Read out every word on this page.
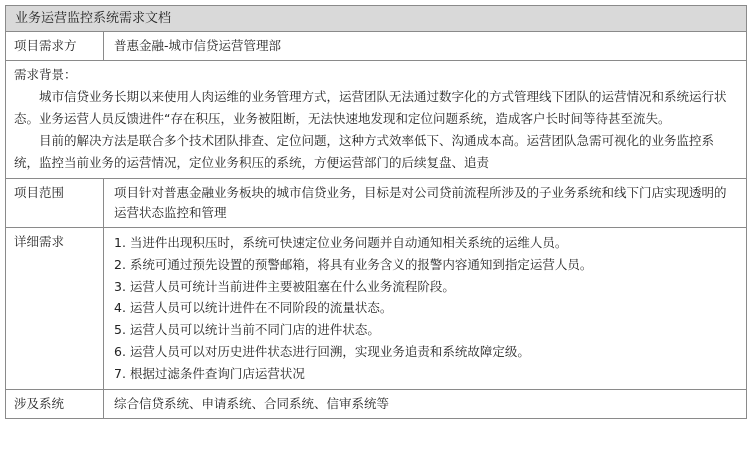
业务运营监控系统需求文档
项目需求方	普惠金融-城市信贷运营管理部
需求背景：
城市信贷业务长期以来使用人肉运维的业务管理方式，运营团队无法通过数字化的方式管理线下团队的运营情况和系统运行状态。业务运营人员反馈进件“存在积压，业务被阻断，无法快速地发现和定位问题系统，造成客户长时间等待甚至流失。
目前的解决方法是联合多个技术团队排查、定位问题，这种方式效率低下、沟通成本高。运营团队急需可视化的业务监控系统，监控当前业务的运营情况，定位业务积压的系统，方便运营部门的后续复盘、追责
项目范围	项目针对普惠金融业务板块的城市信贷业务，目标是对公司贷前流程所涉及的子业务系统和线下门店实现透明的运营状态监控和管理
详细需求	1. 当进件出现积压时，系统可快速定位业务问题并自动通知相关系统的运维人员。
2. 系统可通过预先设置的预警邮箱，将具有业务含义的报警内容通知到指定运营人员。
3. 运营人员可统计当前进件主要被阻塞在什么业务流程阶段。
4. 运营人员可以统计进件在不同阶段的流量状态。
5. 运营人员可以统计当前不同门店的进件状态。
6. 运营人员可以对历史进件状态进行回溯，实现业务追责和系统故障定级。
7. 根据过滤条件查询门店运营状况
涉及系统	综合信贷系统、申请系统、合同系统、信审系统等
